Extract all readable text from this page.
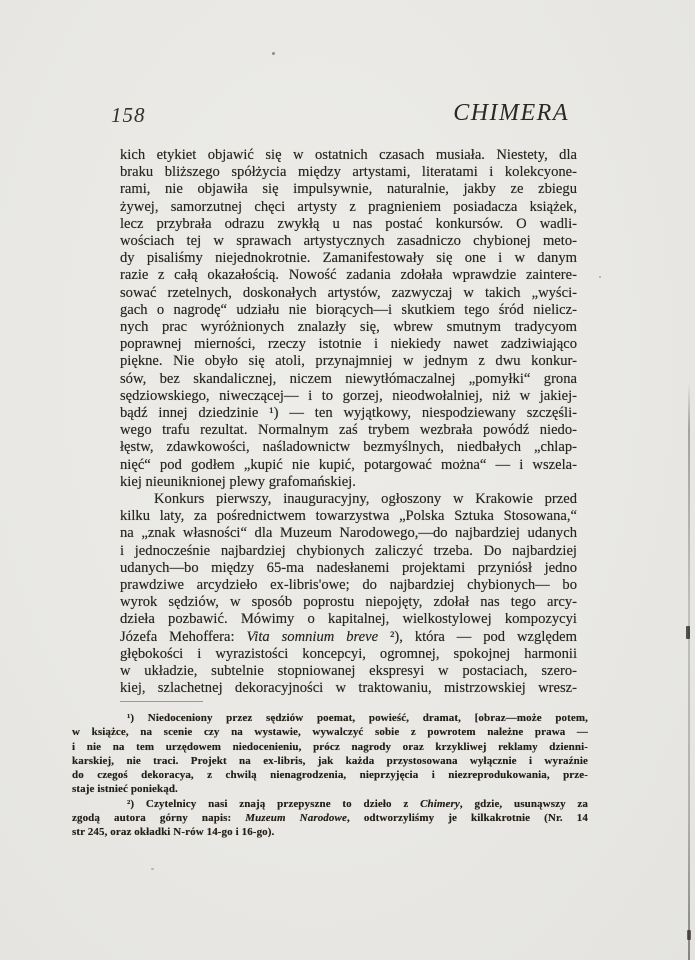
158	CHIMERA
kich etykiet objawić się w ostatnich czasach musiała. Niestety, dla
braku bliższego spółżycia między artystami, literatami i kolekcyone-
rami, nie objawiła się impulsywnie, naturalnie, jakby ze zbiegu
żywej, samorzutnej chęci artysty z pragnieniem posiadacza książek,
lecz przybrała odrazu zwykłą u nas postać konkursów. O wadli-
wościach tej w sprawach artystycznych zasadniczo chybionej meto-
dy pisaliśmy niejednokrotnie. Zamanifestowały się one i w danym
razie z całą okazałością. Nowość zadania zdołała wprawdzie zaintere-
sować rzetelnych, doskonałych artystów, zazwyczaj w takich „wyści-
gach o nagrodę“ udziału nie biorących—i skutkiem tego śród nielicz-
nych prac wyróżnionych znalazły się, wbrew smutnym tradycyom
poprawnej mierności, rzeczy istotnie i niekiedy nawet zadziwiająco
piękne. Nie obyło się atoli, przynajmniej w jednym z dwu konkur-
sów, bez skandalicznej, niczem niewytłómaczalnej „pomyłki“ grona
sędziowskiego, niweczącej— i to gorzej, nieodwołalniej, niż w jakiej-
bądź innej dziedzinie ¹) — ten wyjątkowy, niespodziewany szczęśli-
wego trafu rezultat. Normalnym zaś trybem wezbrała powódź niedo-
łęstw, zdawkowości, naśladownictw bezmyślnych, niedbałych „chlap-
nięć“ pod godłem „kupić nie kupić, potargować można“ — i wszela-
kiej nieuniknionej plewy grafomańskiej.
Konkurs pierwszy, inauguracyjny, ogłoszony w Krakowie przed
kilku laty, za pośrednictwem towarzystwa „Polska Sztuka Stosowana,“
na „znak własności“ dla Muzeum Narodowego,—do najbardziej udanych
i jednocześnie najbardziej chybionych zaliczyć trzeba. Do najbardziej
udanych—bo między 65-ma nadesłanemi projektami przyniósł jedno
prawdziwe arcydzieło ex-libris'owe; do najbardziej chybionych— bo
wyrok sędziów, w sposób poprostu niepojęty, zdołał nas tego arcy-
dzieła pozbawić. Mówimy o kapitalnej, wielkostylowej kompozycyi
Józefa Mehoffera: Vita somnium breve ²), która — pod względem
głębokości i wyrazistości koncepcyi, ogromnej, spokojnej harmonii
w układzie, subtelnie stopniowanej ekspresyi w postaciach, szero-
kiej, szlachetnej dekoracyjności w traktowaniu, mistrzowskiej wresz-
¹) Niedoceniony przez sędziów poemat, powieść, dramat, [obraz—może potem,
w książce, na scenie czy na wystawie, wywalczyć sobie z powrotem należne prawa —
i nie na tem urzędowem niedocenieniu, prócz nagrody oraz krzykliwej reklamy dzienni-
karskiej, nie traci. Projekt na ex-libris, jak każda przystosowana wyłącznie i wyraźnie
do czegoś dekoracya, z chwilą nienagrodzenia, nieprzyjęcia i niezreprodukowania, prze-
staje istnieć poniekąd.
²) Czytelnicy nasi znają przepyszne to dzieło z Chimery, gdzie, usunąwszy za
zgodą autora górny napis: Muzeum Narodowe, odtworzyliśmy je kilkakrotnie (Nr. 14
str 245, oraz okładki N-rów 14-go i 16-go).
